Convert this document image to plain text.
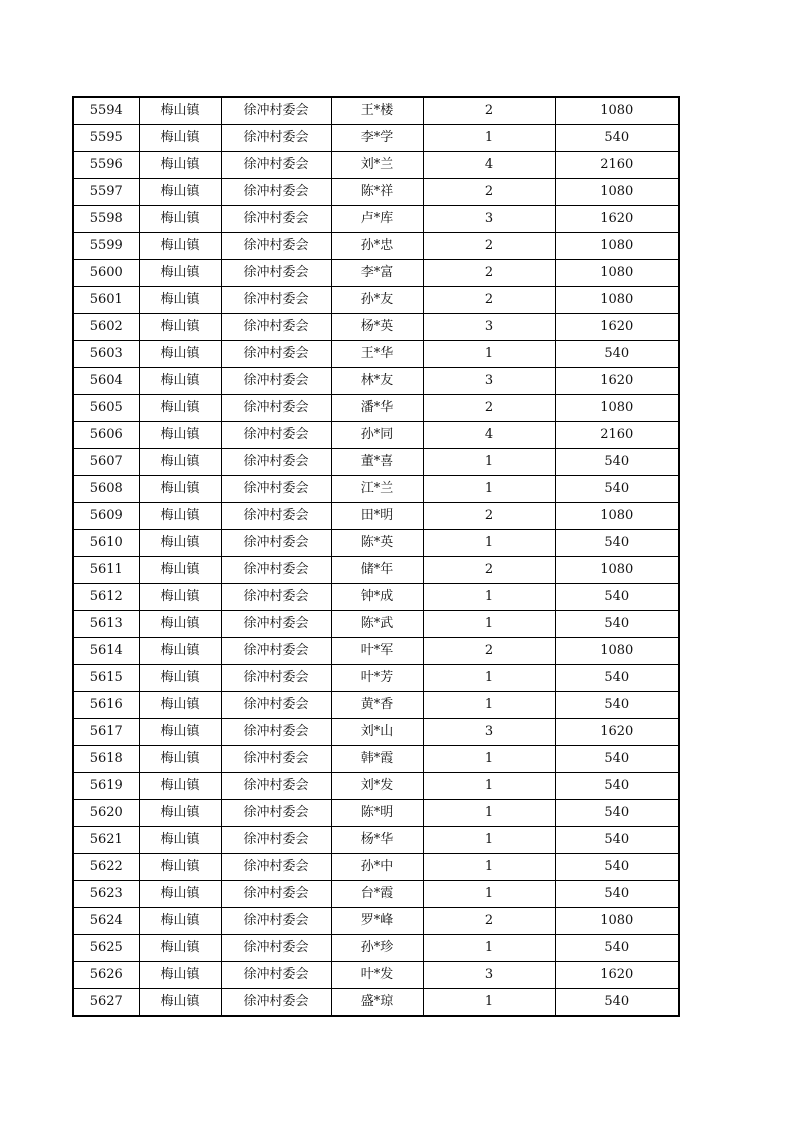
5594	梅山镇	徐冲村委会	王*楼	2	1080
5595	梅山镇	徐冲村委会	李*学	1	540
5596	梅山镇	徐冲村委会	刘*兰	4	2160
5597	梅山镇	徐冲村委会	陈*祥	2	1080
5598	梅山镇	徐冲村委会	卢*库	3	1620
5599	梅山镇	徐冲村委会	孙*忠	2	1080
5600	梅山镇	徐冲村委会	李*富	2	1080
5601	梅山镇	徐冲村委会	孙*友	2	1080
5602	梅山镇	徐冲村委会	杨*英	3	1620
5603	梅山镇	徐冲村委会	王*华	1	540
5604	梅山镇	徐冲村委会	林*友	3	1620
5605	梅山镇	徐冲村委会	潘*华	2	1080
5606	梅山镇	徐冲村委会	孙*同	4	2160
5607	梅山镇	徐冲村委会	董*喜	1	540
5608	梅山镇	徐冲村委会	江*兰	1	540
5609	梅山镇	徐冲村委会	田*明	2	1080
5610	梅山镇	徐冲村委会	陈*英	1	540
5611	梅山镇	徐冲村委会	储*年	2	1080
5612	梅山镇	徐冲村委会	钟*成	1	540
5613	梅山镇	徐冲村委会	陈*武	1	540
5614	梅山镇	徐冲村委会	叶*军	2	1080
5615	梅山镇	徐冲村委会	叶*芳	1	540
5616	梅山镇	徐冲村委会	黄*香	1	540
5617	梅山镇	徐冲村委会	刘*山	3	1620
5618	梅山镇	徐冲村委会	韩*霞	1	540
5619	梅山镇	徐冲村委会	刘*发	1	540
5620	梅山镇	徐冲村委会	陈*明	1	540
5621	梅山镇	徐冲村委会	杨*华	1	540
5622	梅山镇	徐冲村委会	孙*中	1	540
5623	梅山镇	徐冲村委会	台*霞	1	540
5624	梅山镇	徐冲村委会	罗*峰	2	1080
5625	梅山镇	徐冲村委会	孙*珍	1	540
5626	梅山镇	徐冲村委会	叶*发	3	1620
5627	梅山镇	徐冲村委会	盛*琼	1	540
